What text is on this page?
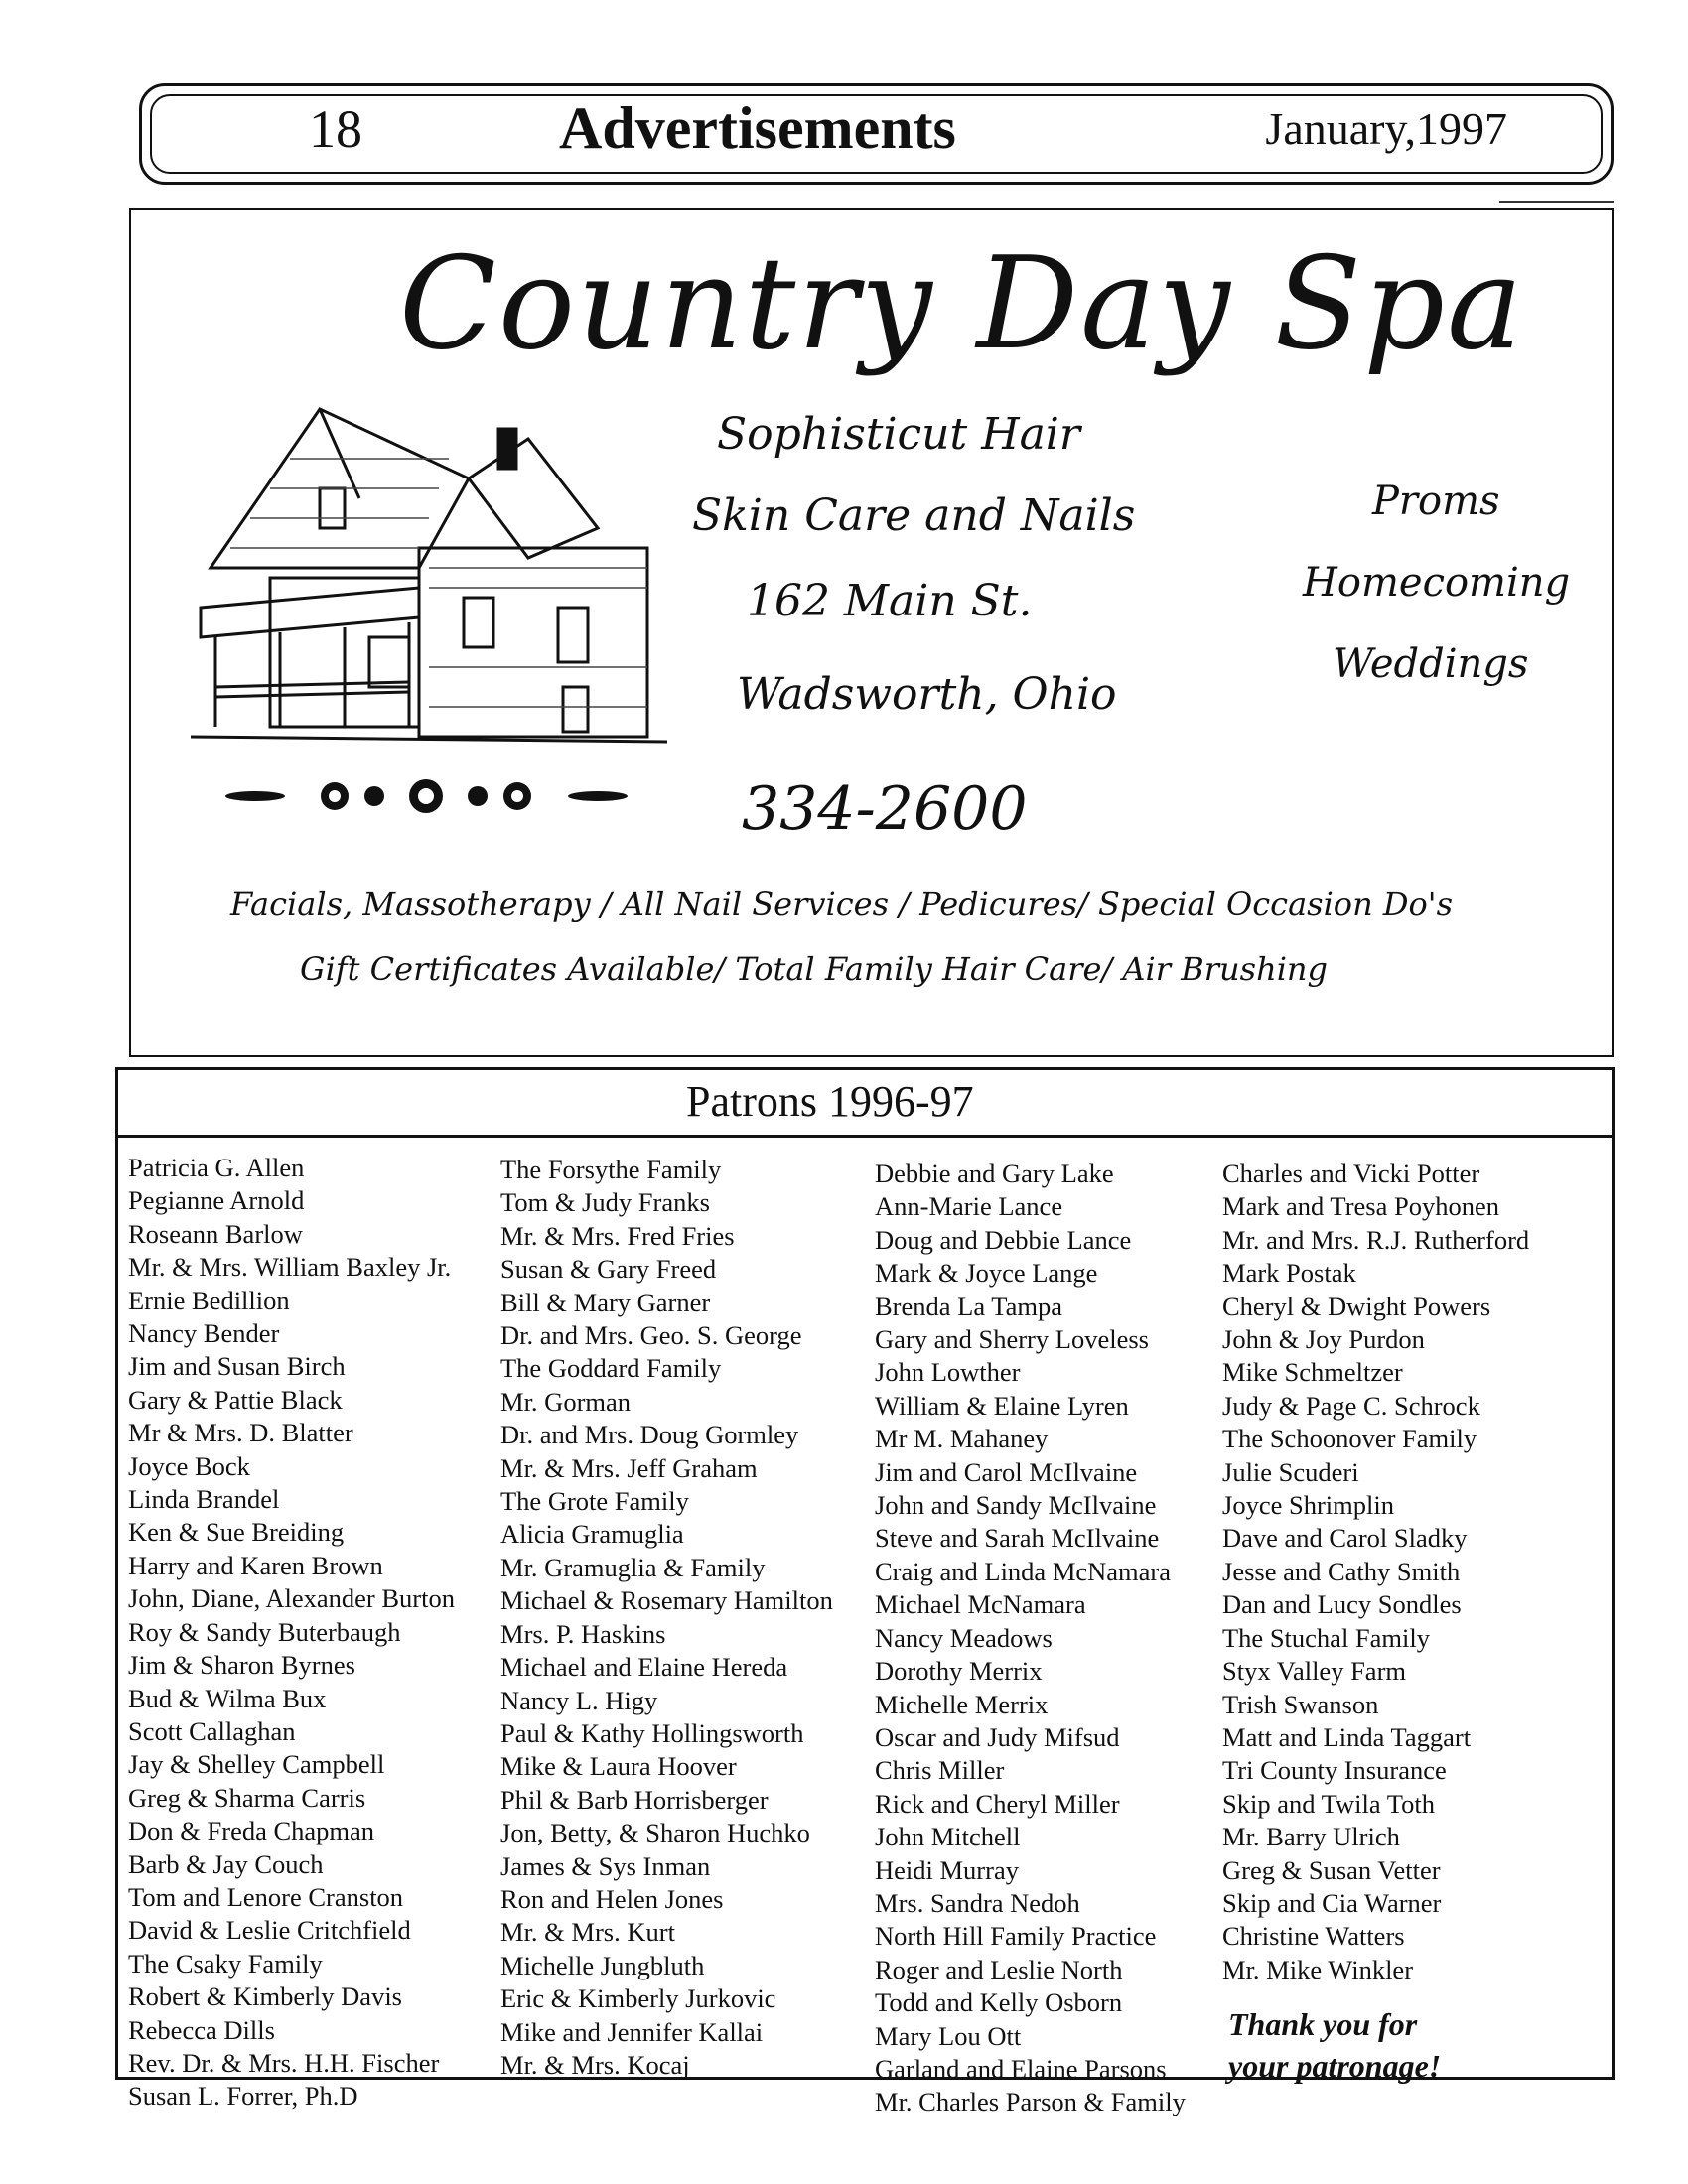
18	Advertisements	January,1997
Country Day Spa
Sophisticut Hair
Skin Care and Nails
162 Main St.
Wadsworth, Ohio
Proms
Homecoming
Weddings
334-2600
Facials, Massotherapy / All Nail Services / Pedicures/ Special Occasion Do's
Gift Certificates Available/ Total Family Hair Care/ Air Brushing
Patrons 1996-97
Patricia G. Allen
Pegianne Arnold
Roseann Barlow
Mr. & Mrs. William Baxley Jr.
Ernie Bedillion
Nancy Bender
Jim and Susan Birch
Gary & Pattie Black
Mr & Mrs. D. Blatter
Joyce Bock
Linda Brandel
Ken & Sue Breiding
Harry and Karen Brown
John, Diane, Alexander Burton
Roy & Sandy Buterbaugh
Jim & Sharon Byrnes
Bud & Wilma Bux
Scott Callaghan
Jay & Shelley Campbell
Greg & Sharma Carris
Don & Freda Chapman
Barb & Jay Couch
Tom and Lenore Cranston
David & Leslie Critchfield
The Csaky Family
Robert & Kimberly Davis
Rebecca Dills
Rev. Dr. & Mrs. H.H. Fischer
Susan L. Forrer, Ph.D
The Forsythe Family
Tom & Judy Franks
Mr. & Mrs. Fred Fries
Susan & Gary Freed
Bill & Mary Garner
Dr. and Mrs. Geo. S. George
The Goddard Family
Mr. Gorman
Dr. and Mrs. Doug Gormley
Mr. & Mrs. Jeff Graham
The Grote Family
Alicia Gramuglia
Mr. Gramuglia & Family
Michael & Rosemary Hamilton
Mrs. P. Haskins
Michael and Elaine Hereda
Nancy L. Higy
Paul & Kathy Hollingsworth
Mike & Laura Hoover
Phil & Barb Horrisberger
Jon, Betty, & Sharon Huchko
James & Sys Inman
Ron and Helen Jones
Mr. & Mrs. Kurt
Michelle Jungbluth
Eric & Kimberly Jurkovic
Mike and Jennifer Kallai
Mr. & Mrs. Kocaj
Debbie and Gary Lake
Ann-Marie Lance
Doug and Debbie Lance
Mark & Joyce Lange
Brenda La Tampa
Gary and Sherry Loveless
John Lowther
William & Elaine Lyren
Mr M. Mahaney
Jim and Carol McIlvaine
John and Sandy McIlvaine
Steve and Sarah McIlvaine
Craig and Linda McNamara
Michael McNamara
Nancy Meadows
Dorothy Merrix
Michelle Merrix
Oscar and Judy Mifsud
Chris Miller
Rick and Cheryl Miller
John Mitchell
Heidi Murray
Mrs. Sandra Nedoh
North Hill Family Practice
Roger and Leslie North
Todd and Kelly Osborn
Mary Lou Ott
Garland and Elaine Parsons
Mr. Charles Parson & Family
Charles and Vicki Potter
Mark and Tresa Poyhonen
Mr. and Mrs. R.J. Rutherford
Mark Postak
Cheryl & Dwight Powers
John & Joy Purdon
Mike Schmeltzer
Judy & Page C. Schrock
The Schoonover Family
Julie Scuderi
Joyce Shrimplin
Dave and Carol Sladky
Jesse and Cathy Smith
Dan and Lucy Sondles
The Stuchal Family
Styx Valley Farm
Trish Swanson
Matt and Linda Taggart
Tri County Insurance
Skip and Twila Toth
Mr. Barry Ulrich
Greg & Susan Vetter
Skip and Cia Warner
Christine Watters
Mr. Mike Winkler
Thank you for
your patronage!
